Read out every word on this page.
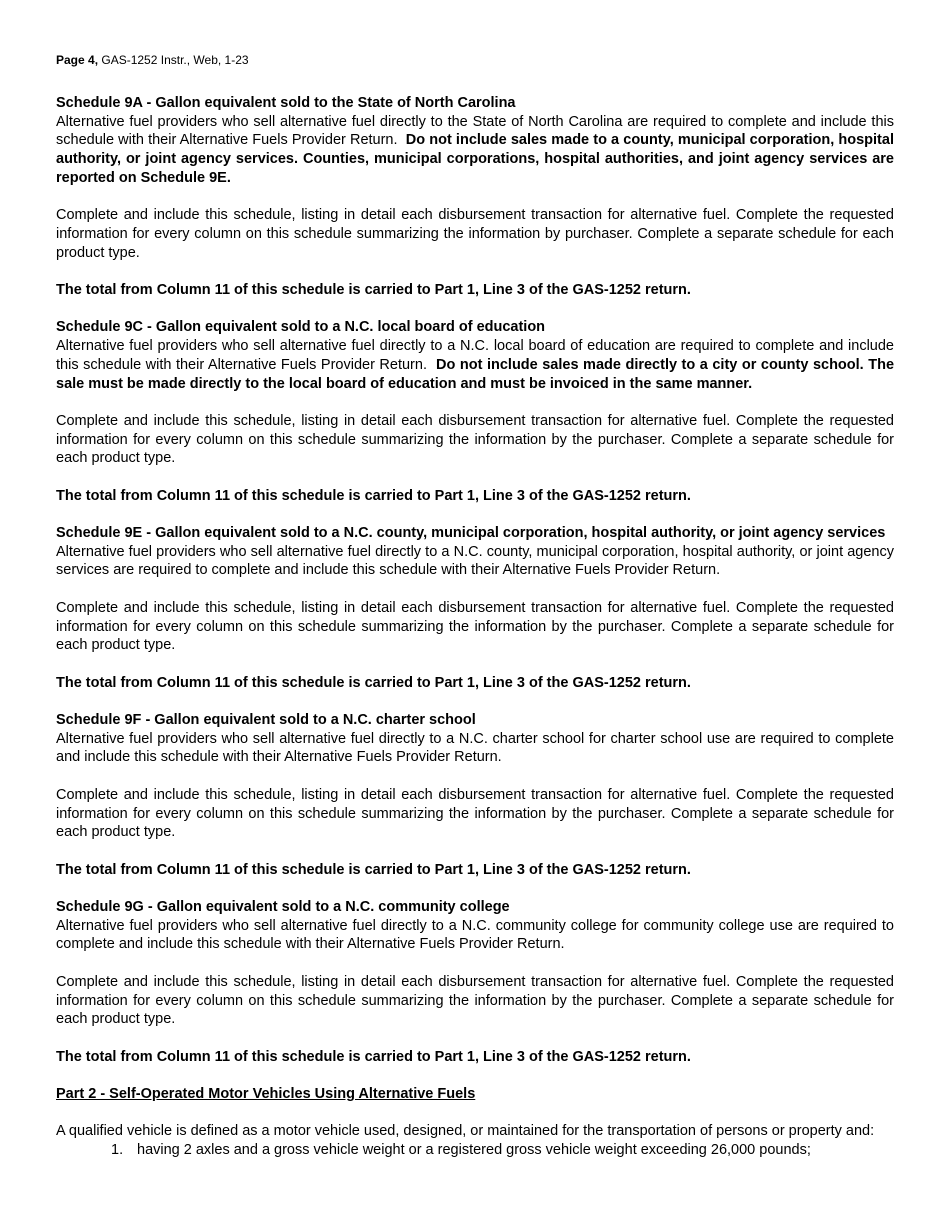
Page 4, GAS-1252 Instr., Web, 1-23

Schedule 9A - Gallon equivalent sold to the State of North Carolina

Alternative fuel providers who sell alternative fuel directly to the State of North Carolina are required to complete and include this schedule with their Alternative Fuels Provider Return. Do not include sales made to a county, municipal corporation, hospital authority, or joint agency services. Counties, municipal corporations, hospital authorities, and joint agency services are reported on Schedule 9E.

Complete and include this schedule, listing in detail each disbursement transaction for alternative fuel. Complete the requested information for every column on this schedule summarizing the information by purchaser. Complete a separate schedule for each product type.

The total from Column 11 of this schedule is carried to Part 1, Line 3 of the GAS-1252 return.

Schedule 9C - Gallon equivalent sold to a N.C. local board of education

Alternative fuel providers who sell alternative fuel directly to a N.C. local board of education are required to complete and include this schedule with their Alternative Fuels Provider Return. Do not include sales made directly to a city or county school. The sale must be made directly to the local board of education and must be invoiced in the same manner.

Complete and include this schedule, listing in detail each disbursement transaction for alternative fuel. Complete the requested information for every column on this schedule summarizing the information by the purchaser. Complete a separate schedule for each product type.

The total from Column 11 of this schedule is carried to Part 1, Line 3 of the GAS-1252 return.

Schedule 9E - Gallon equivalent sold to a N.C. county, municipal corporation, hospital authority, or joint agency services

Alternative fuel providers who sell alternative fuel directly to a N.C. county, municipal corporation, hospital authority, or joint agency services are required to complete and include this schedule with their Alternative Fuels Provider Return.

Complete and include this schedule, listing in detail each disbursement transaction for alternative fuel. Complete the requested information for every column on this schedule summarizing the information by the purchaser. Complete a separate schedule for each product type.

The total from Column 11 of this schedule is carried to Part 1, Line 3 of the GAS-1252 return.

Schedule 9F - Gallon equivalent sold to a N.C. charter school

Alternative fuel providers who sell alternative fuel directly to a N.C. charter school for charter school use are required to complete and include this schedule with their Alternative Fuels Provider Return.

Complete and include this schedule, listing in detail each disbursement transaction for alternative fuel. Complete the requested information for every column on this schedule summarizing the information by the purchaser. Complete a separate schedule for each product type.

The total from Column 11 of this schedule is carried to Part 1, Line 3 of the GAS-1252 return.

Schedule 9G - Gallon equivalent sold to a N.C. community college

Alternative fuel providers who sell alternative fuel directly to a N.C. community college for community college use are required to complete and include this schedule with their Alternative Fuels Provider Return.

Complete and include this schedule, listing in detail each disbursement transaction for alternative fuel. Complete the requested information for every column on this schedule summarizing the information by the purchaser. Complete a separate schedule for each product type.

The total from Column 11 of this schedule is carried to Part 1, Line 3 of the GAS-1252 return.

Part 2 - Self-Operated Motor Vehicles Using Alternative Fuels

A qualified vehicle is defined as a motor vehicle used, designed, or maintained for the transportation of persons or property and:

1. having 2 axles and a gross vehicle weight or a registered gross vehicle weight exceeding 26,000 pounds;
